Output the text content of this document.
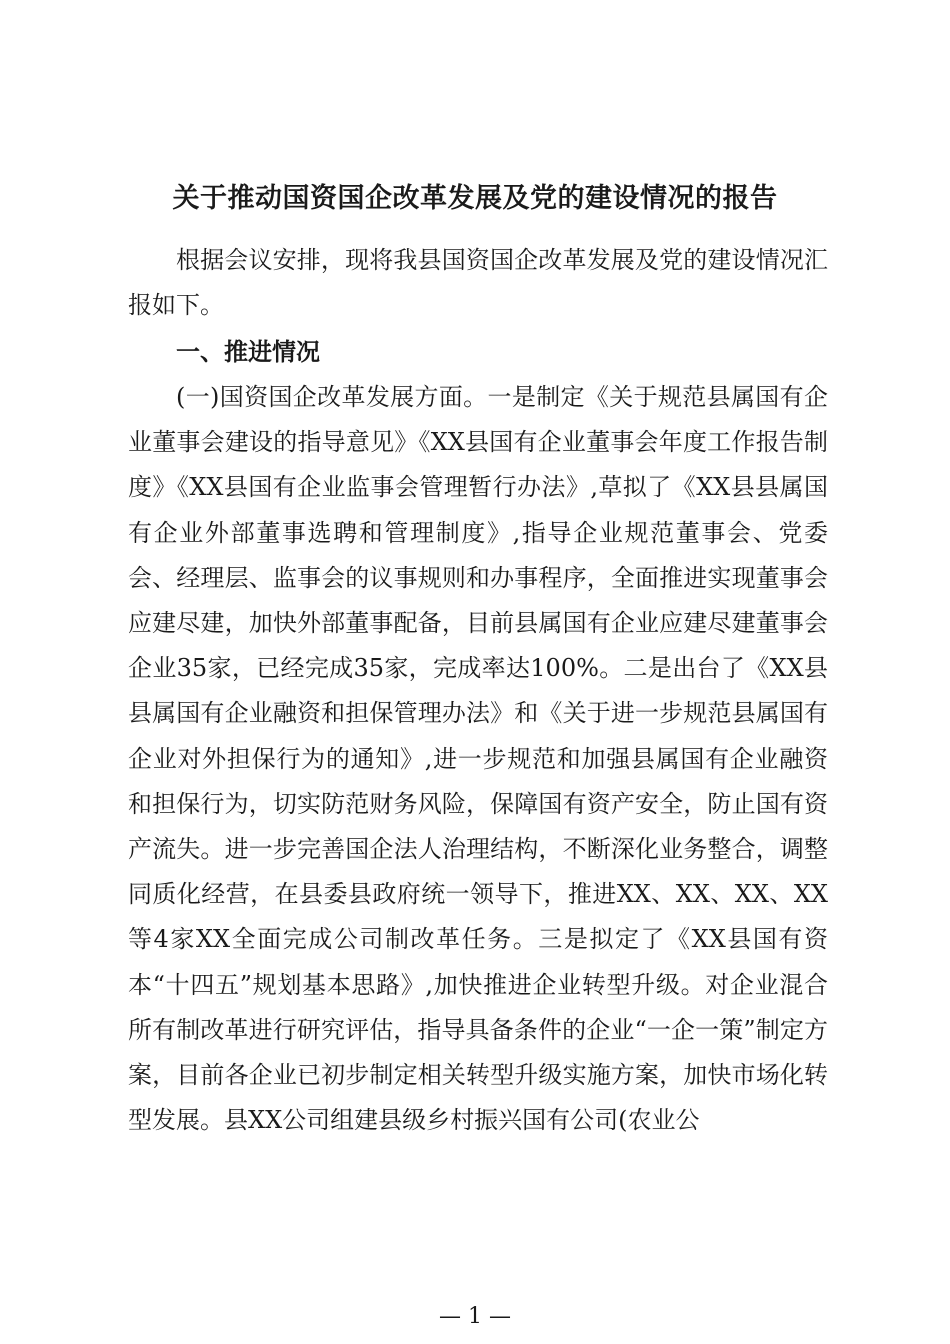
关于推动国资国企改革发展及党的建设情况的报告

根据会议安排，现将我县国资国企改革发展及党的建设情况汇报如下。

一、推进情况

(一)国资国企改革发展方面。一是制定《关于规范县属国有企业董事会建设的指导意见》《XX县国有企业董事会年度工作报告制度》《XX县国有企业监事会管理暂行办法》,草拟了《XX县县属国有企业外部董事选聘和管理制度》,指导企业规范董事会、党委会、经理层、监事会的议事规则和办事程序，全面推进实现董事会应建尽建，加快外部董事配备，目前县属国有企业应建尽建董事会企业35家，已经完成35家，完成率达100%。二是出台了《XX县县属国有企业融资和担保管理办法》和《关于进一步规范县属国有企业对外担保行为的通知》,进一步规范和加强县属国有企业融资和担保行为，切实防范财务风险，保障国有资产安全，防止国有资产流失。进一步完善国企法人治理结构，不断深化业务整合，调整同质化经营，在县委县政府统一领导下，推进XX、XX、XX、XX等4家XX全面完成公司制改革任务。三是拟定了《XX县国有资本“十四五”规划基本思路》,加快推进企业转型升级。对企业混合所有制改革进行研究评估，指导具备条件的企业“一企一策”制定方案，目前各企业已初步制定相关转型升级实施方案，加快市场化转型发展。县XX公司组建县级乡村振兴国有公司(农业公

— 1 —
